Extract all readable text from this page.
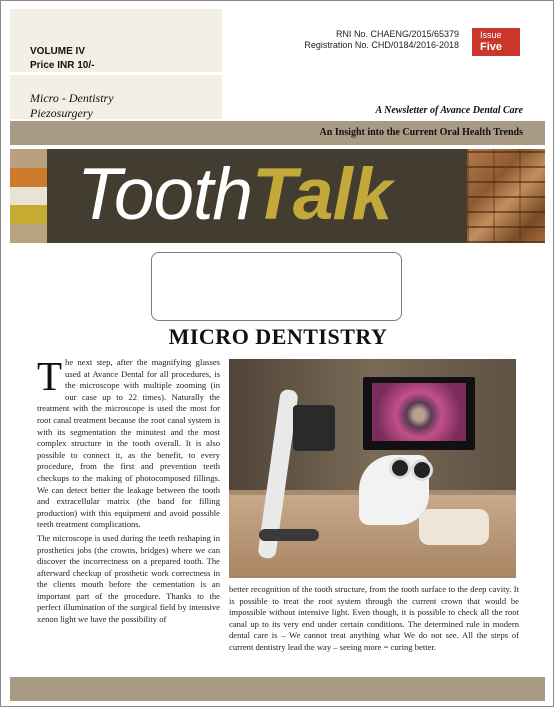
VOLUME IV
Price INR 10/-
Micro - Dentistry
Piezosurgery
RNI No. CHAENG/2015/65379
Registration No. CHD/0184/2016-2018
Issue
Five
A Newsletter of Avance Dental Care
An Insight into the Current Oral Health Trends
ToothTalk
MICRO DENTISTRY

The next step, after the magnifying glasses used at Avance Dental for all procedures, is the microscope with multiple zooming (in our case up to 22 times). Naturally the treatment with the microscope is used the most for root canal treatment because the root canal system is with its segmentation the minutest and the most complex structure in the tooth overall. It is also possible to connect it, as the benefit, to every procedure, from the first and prevention teeth checkups to the making of photocomposed fillings. We can detect better the leakage between the tooth and extracellular matrix (the band for filling production) with this equipment and avoid possible teeth treatment complications.

The microscope is used during the teeth reshaping in prosthetics jobs (the crowns, bridges) where we can discover the incorrectness on a prepared tooth. The afterward checkup of prosthetic work correctness in the clients mouth before the cementation is an important part of the procedure. Thanks to the perfect illumination of the surgical field by intensive xenon light we have the possibility of

better recognition of the tooth structure, from the tooth surface to the deep cavity. It is possible to treat the root system through the current crown that would be impossible without intensive light. Even though, it is possible to check all the root canal up to its very end under certain conditions. The determined rule in modern dental care is – We cannot treat anything what We do not see. All the steps of current dentistry lead the way – seeing more = curing better.
